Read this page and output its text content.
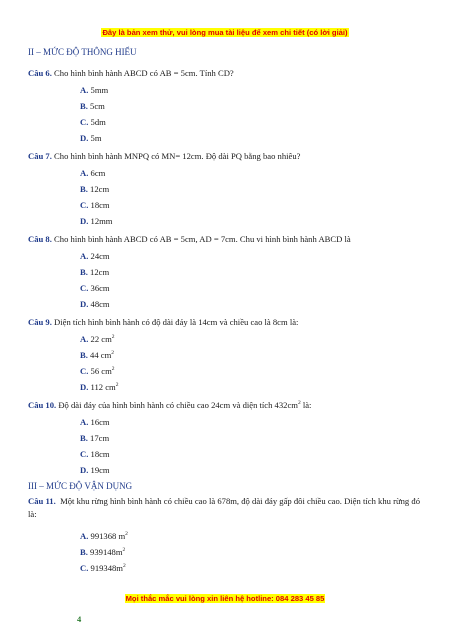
Đây là bản xem thử, vui lòng mua tài liệu để xem chi tiết (có lời giải)
II – MỨC ĐỘ THÔNG HIỂU
Câu 6. Cho hình bình hành ABCD có AB = 5cm. Tính CD?
A. 5mm
B. 5cm
C. 5dm
D. 5m
Câu 7. Cho hình bình hành MNPQ có MN= 12cm. Độ dài PQ bằng bao nhiêu?
A. 6cm
B. 12cm
C. 18cm
D. 12mm
Câu 8. Cho hình bình hành ABCD có AB = 5cm, AD = 7cm. Chu vi hình bình hành ABCD là
A. 24cm
B. 12cm
C. 36cm
D. 48cm
Câu 9. Diện tích hình bình hành có độ dài đáy là 14cm và chiều cao là 8cm là:
A. 22 $cm^2$
B. 44 $cm^2$
C. 56 $cm^2$
D. 112 $cm^2$
Câu 10. Độ dài đáy của hình bình hành có chiều cao 24cm và diện tích $432cm^2$ là:
A. 16cm
B. 17cm
C. 18cm
D. 19cm
III – MỨC ĐỘ VẬN DỤNG
Câu 11. Một khu rừng hình bình hành có chiều cao là 678m, độ dài đáy gấp đôi chiều cao. Diện tích khu rừng đó là:
A. 991368 $m^2$
B. $939148m^2$
C. $919348m^2$
Mọi thắc mắc vui lòng xin liên hệ hotline: 084 283 45 85
4
